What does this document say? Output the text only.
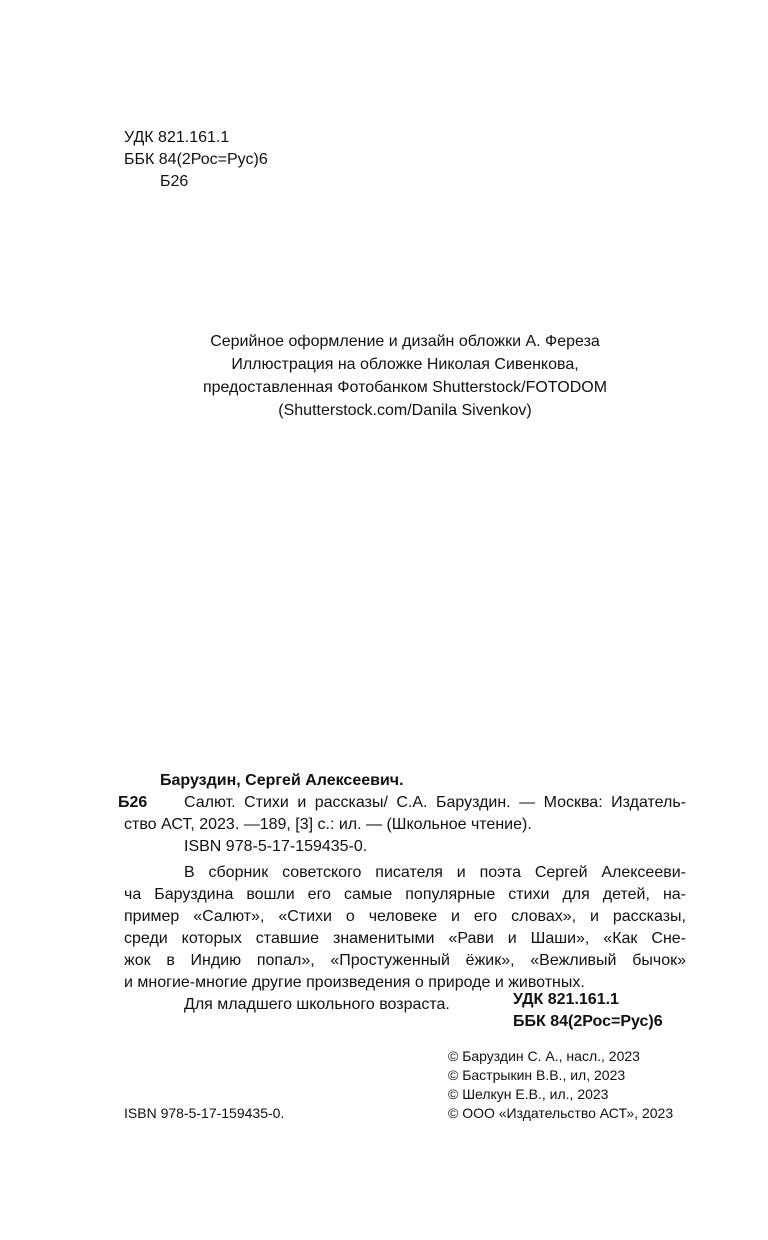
УДК 821.161.1
ББК 84(2Рос=Рус)6
Б26
Серийное оформление и дизайн обложки А. Фереза
Иллюстрация на обложке Николая Сивенкова,
предоставленная Фотобанком Shutterstock/FOTODOM
(Shutterstock.com/Danila Sivenkov)
Баруздин, Сергей Алексеевич.
Б26	Салют. Стихи и рассказы/ С.А. Баруздин. — Москва: Издатель-
ство АСТ, 2023. —189, [3] с.: ил. — (Школьное чтение).
ISBN 978-5-17-159435-0.
В сборник советского писателя и поэта Сергей Алексееви-
ча Баруздина вошли его самые популярные стихи для детей, на-
пример «Салют», «Стихи о человеке и его словах», и рассказы,
среди которых ставшие знаменитыми «Рави и Шаши», «Как Сне-
жок в Индию попал», «Простуженный ёжик», «Вежливый бычок»
и многие-многие другие произведения о природе и животных.
Для младшего школьного возраста.	УДК 821.161.1
ББК 84(2Рос=Рус)6
© Баруздин С. А., насл., 2023
© Бастрыкин В.В., ил, 2023
© Шелкун Е.В., ил., 2023
© ООО «Издательство АСТ», 2023
ISBN 978-5-17-159435-0.
